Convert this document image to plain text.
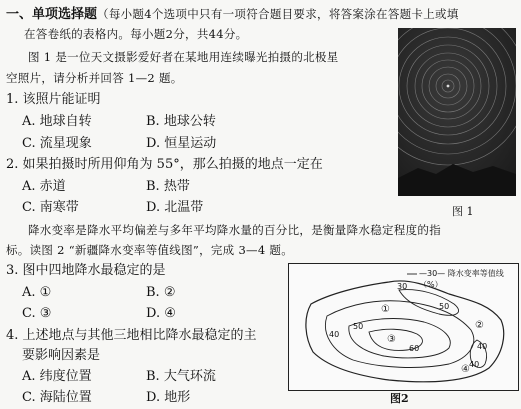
一、单项选择题（每小题4个选项中只有一项符合题目要求，将答案涂在答题卡上或填
在答卷纸的表格内。每小题2分，共44分。
图 1 是一位天文摄影爱好者在某地用连续曝光拍摄的北极星
空照片，请分析并回答 1—2 题。
1. 该照片能证明
A. 地球自转	B. 地球公转
C. 流星现象	D. 恒星运动
2. 如果拍摄时所用仰角为 55°，那么拍摄的地点一定在
A. 赤道	B. 热带
C. 南寒带	D. 北温带	图 1
降水变率是降水平均偏差与多年平均降水量的百分比，是衡量降水稳定程度的指
标。读图 2 “新疆降水变率等值线图”，完成 3—4 题。
3. 图中四地降水最稳定的是
A. ①	B. ②
C. ③	D. ④
4. 上述地点与其他三地相比降水最稳定的主
要影响因素是
A. 纬度位置	B. 大气环流
C. 海陆位置	D. 地形
—30— 降水变率等值线（%）
30
40
40
40
50
50
60
①
②
③
④
图2
